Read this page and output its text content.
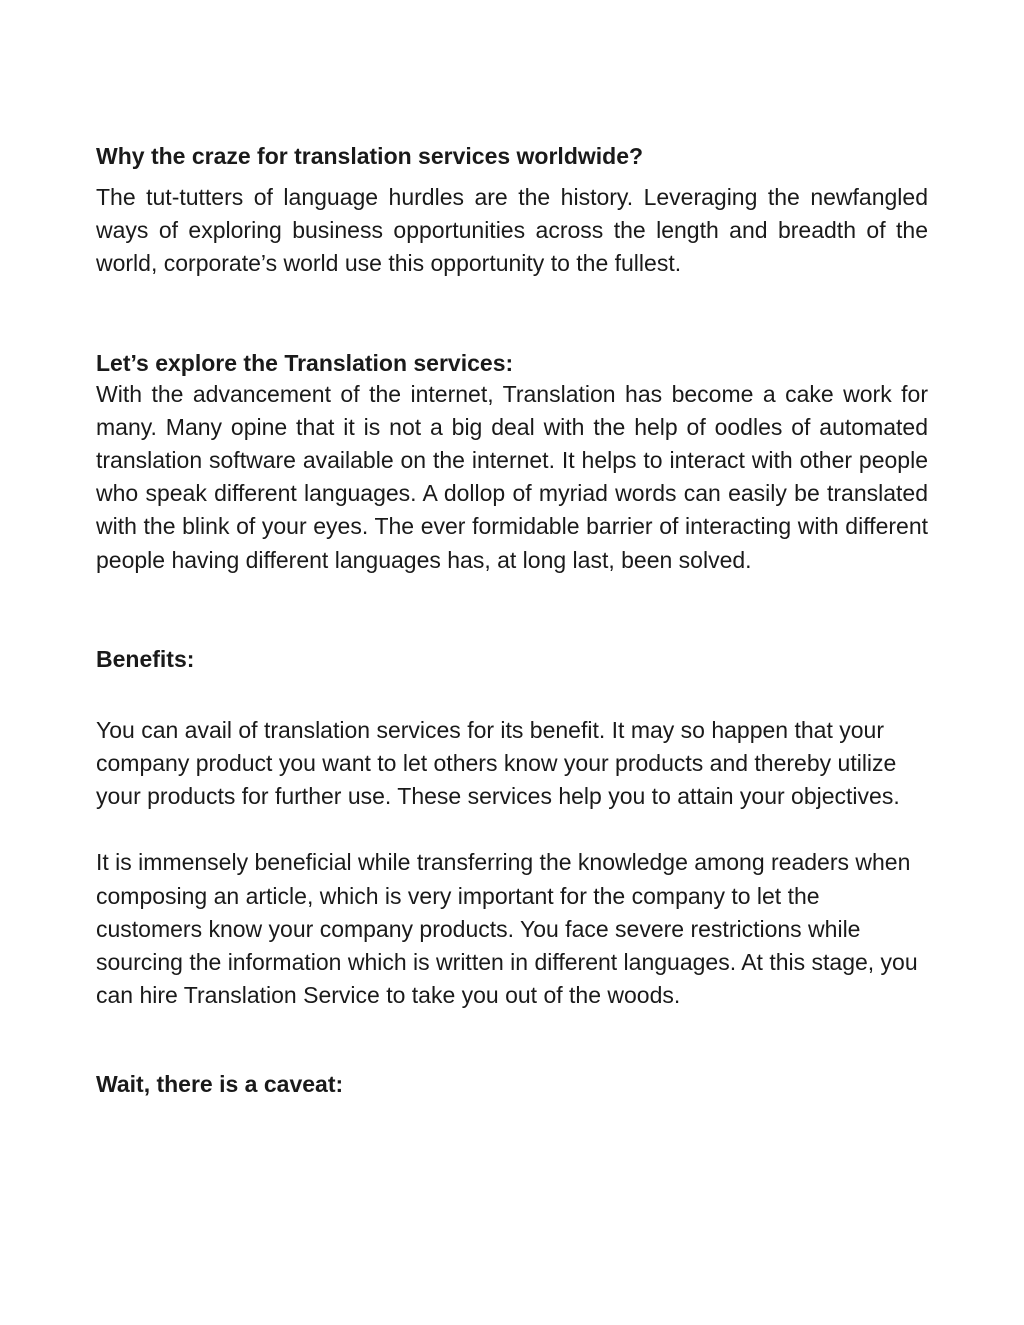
Why the craze for translation services worldwide?

The tut-tutters of language hurdles are the history. Leveraging the newfangled ways of exploring business opportunities across the length and breadth of the world, corporate’s world use this opportunity to the fullest.

Let’s explore the Translation services:

With the advancement of the internet, Translation has become a cake work for many. Many opine that it is not a big deal with the help of oodles of automated translation software available on the internet. It helps to interact with other people who speak different languages. A dollop of myriad words can easily be translated with the blink of your eyes. The ever formidable barrier of interacting with different people having different languages has, at long last, been solved.

Benefits:

You can avail of translation services for its benefit. It may so happen that your company product you want to let others know your products and thereby utilize your products for further use. These services help you to attain your objectives.

It is immensely beneficial while transferring the knowledge among readers when composing an article, which is very important for the company to let the customers know your company products. You face severe restrictions while sourcing the information which is written in different languages. At this stage, you can hire Translation Service to take you out of the woods.

Wait, there is a caveat:
